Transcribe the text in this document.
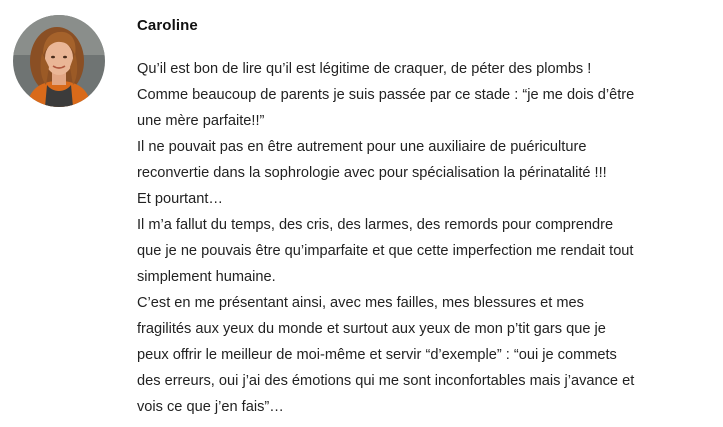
Caroline
Qu’il est bon de lire qu’il est légitime de craquer, de péter des plombs !
Comme beaucoup de parents je suis passée par ce stade : “je me dois d’être
une mère parfaite!!”
Il ne pouvait pas en être autrement pour une auxiliaire de puériculture
reconvertie dans la sophrologie avec pour spécialisation la périnatalité !!!
Et pourtant…
Il m’a fallut du temps, des cris, des larmes, des remords pour comprendre
que je ne pouvais être qu’imparfaite et que cette imperfection me rendait tout
simplement humaine.
C’est en me présentant ainsi, avec mes failles, mes blessures et mes
fragilités aux yeux du monde et surtout aux yeux de mon p’tit gars que je
peux offrir le meilleur de moi-même et servir “d’exemple” : “oui je commets
des erreurs, oui j’ai des émotions qui me sont inconfortables mais j’avance et
vois ce que j’en fais”…
